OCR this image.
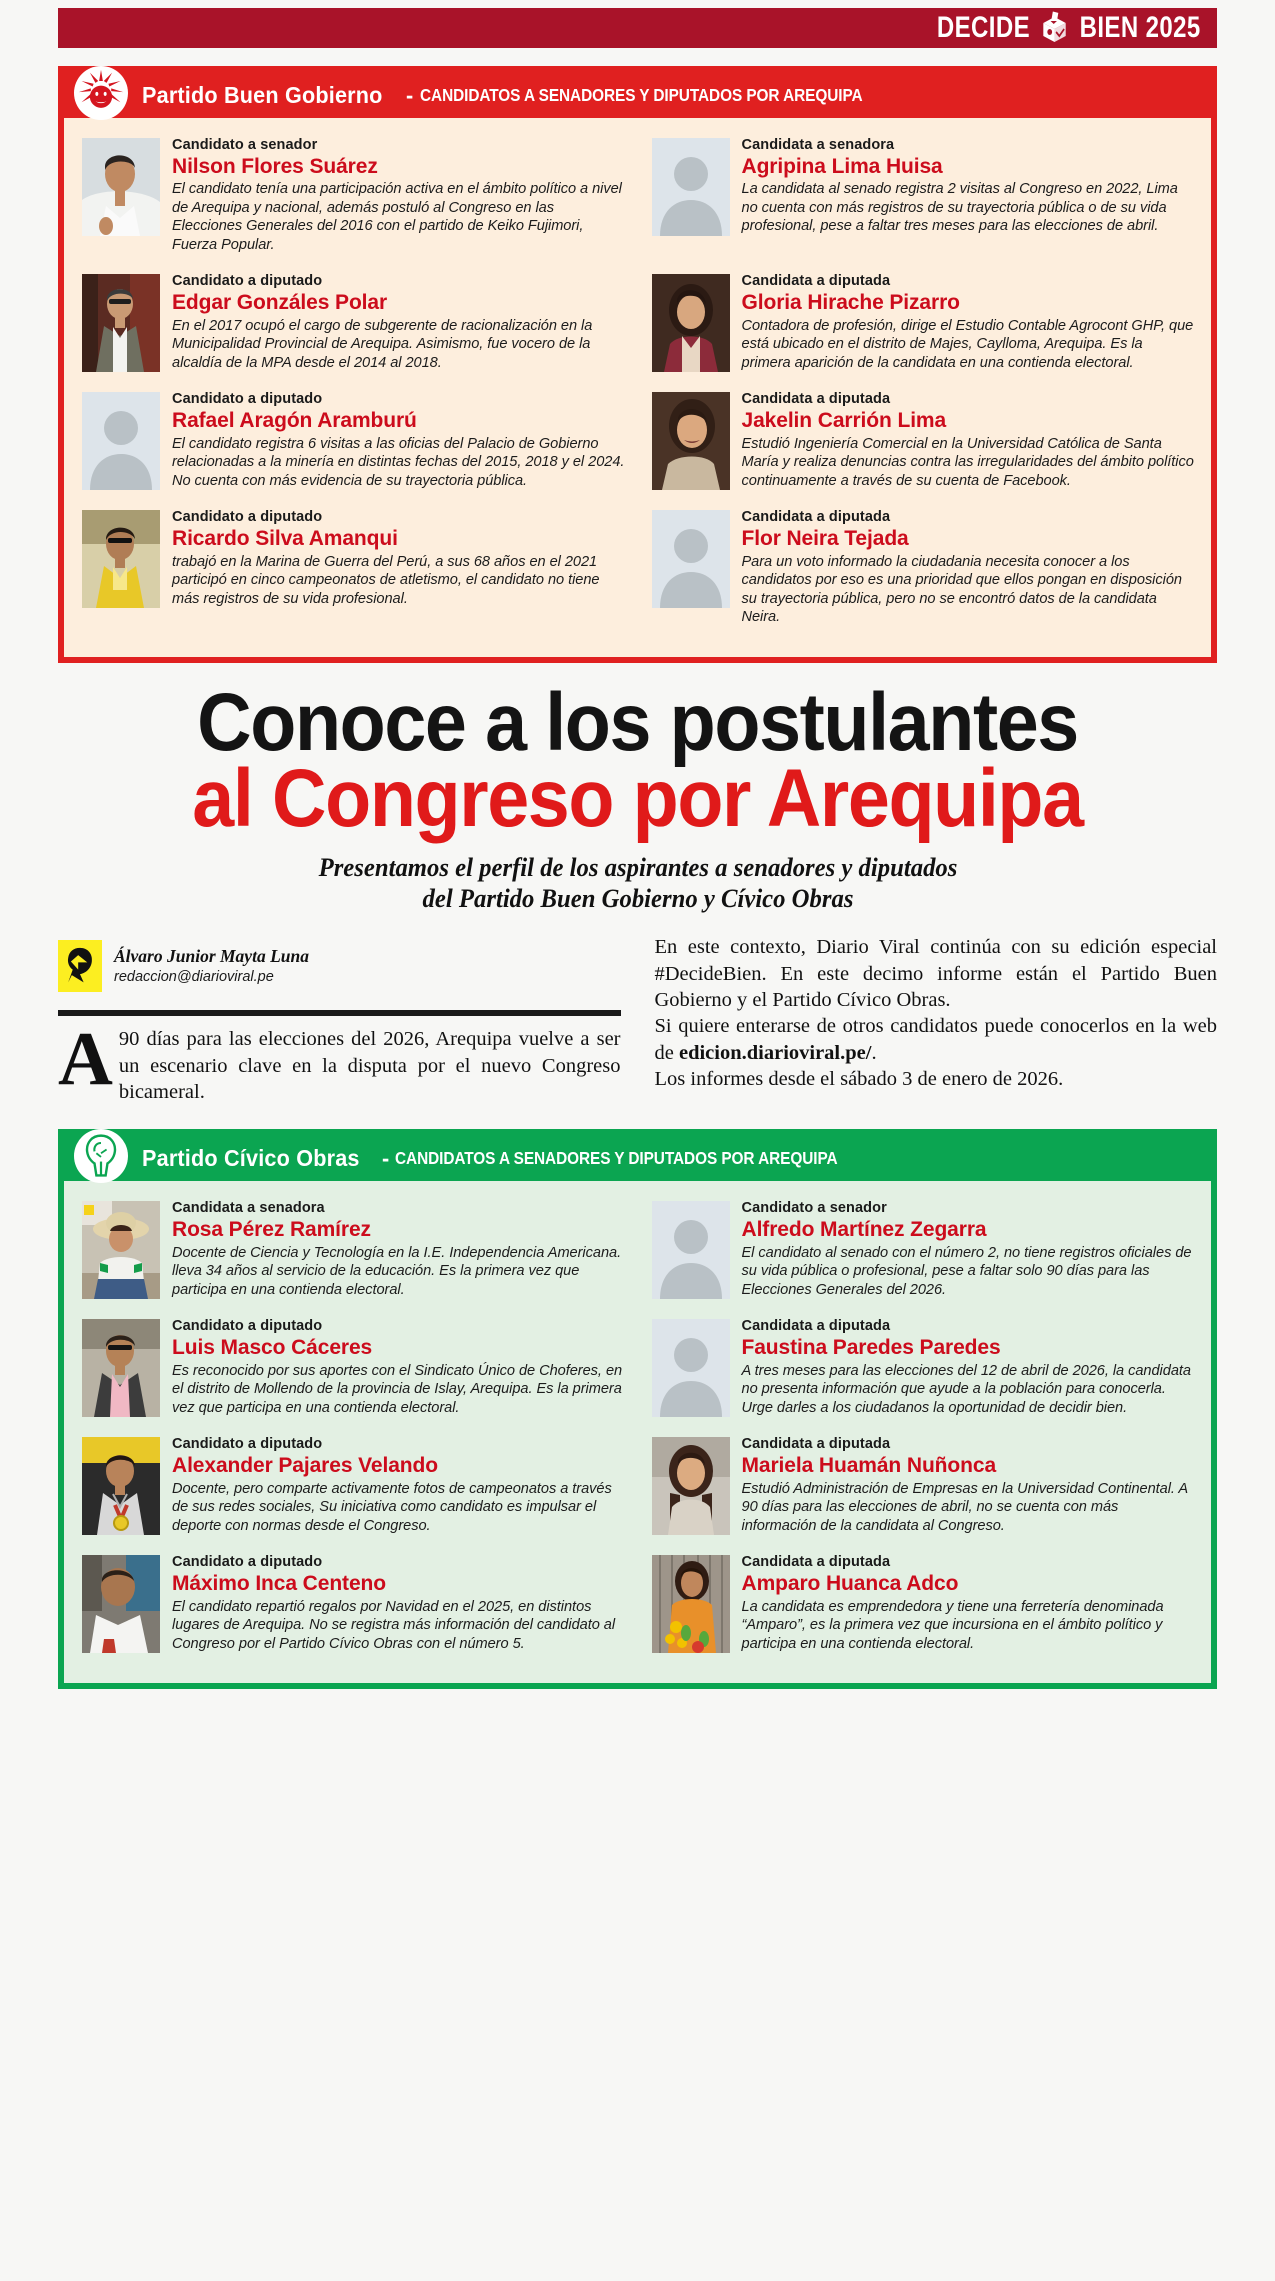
DECIDE BIEN 2025
Partido Buen Gobierno - CANDIDATOS A SENADORES Y DIPUTADOS POR AREQUIPA

Candidato a senador

Nilson Flores Suárez

El candidato tenía una participación activa en el ámbito político a nivel de Arequipa y nacional, además postuló al Congreso en las Elecciones Generales del 2016 con el partido de Keiko Fujimori, Fuerza Popular.

Candidata a senadora

Agripina Lima Huisa

La candidata al senado registra 2 visitas al Congreso en 2022, Lima no cuenta con más registros de su trayectoria pública o de su vida profesional, pese a faltar tres meses para las elecciones de abril.

Candidato a diputado

Edgar Gonzáles Polar

En el 2017 ocupó el cargo de subgerente de racionalización en la Municipalidad Provincial de Arequipa. Asimismo, fue vocero de la alcaldía de la MPA desde el 2014 al 2018.

Candidata a diputada

Gloria Hirache Pizarro

Contadora de profesión, dirige el Estudio Contable Agrocont GHP, que está ubicado en el distrito de Majes, Caylloma, Arequipa. Es la primera aparición de la candidata en una contienda electoral.

Candidato a diputado

Rafael Aragón Aramburú

El candidato registra 6 visitas a las oficias del Palacio de Gobierno relacionadas a la minería en distintas fechas del 2015, 2018 y el 2024. No cuenta con más evidencia de su trayectoria pública.

Candidata a diputada

Jakelin Carrión Lima

Estudió Ingeniería Comercial en la Universidad Católica de Santa María y realiza denuncias contra las irregularidades del ámbito político continuamente a través de su cuenta de Facebook.

Candidato a diputado

Ricardo Silva Amanqui

trabajó en la Marina de Guerra del Perú, a sus 68 años en el 2021 participó en cinco campeonatos de atletismo, el candidato no tiene más registros de su vida profesional.

Candidata a diputada

Flor Neira Tejada

Para un voto informado la ciudadania necesita conocer a los candidatos por eso es una prioridad que ellos pongan en disposición su trayectoria pública, pero no se encontró datos de la candidata Neira.

Conoce a los postulantes
al Congreso por Arequipa
Presentamos el perfil de los aspirantes a senadores y diputados
del Partido Buen Gobierno y Cívico Obras

Álvaro Junior Mayta Luna

redaccion@diarioviral.pe

A90 días para las elecciones del 2026, Arequipa vuelve a ser un escenario clave en la disputa por el nuevo Congreso bicameral.

En este contexto, Diario Viral continúa con su edición especial #DecideBien. En este decimo informe están el Partido Buen Gobierno y el Partido Cívico Obras.

Si quiere enterarse de otros candidatos puede conocerlos en la web de edicion.diarioviral.pe/.

Los informes desde el sábado 3 de enero de 2026.

Partido Cívico Obras - CANDIDATOS A SENADORES Y DIPUTADOS POR AREQUIPA

Candidata a senadora

Rosa Pérez Ramírez

Docente de Ciencia y Tecnología en la I.E. Independencia Americana. lleva 34 años al servicio de la educación. Es la primera vez que participa en una contienda electoral.

Candidato a senador

Alfredo Martínez Zegarra

El candidato al senado con el número 2, no tiene registros oficiales de su vida pública o profesional, pese a faltar solo 90 días para las Elecciones Generales del 2026.

Candidato a diputado

Luis Masco Cáceres

Es reconocido por sus aportes con el Sindicato Único de Choferes, en el distrito de Mollendo de la provincia de Islay, Arequipa. Es la primera vez que participa en una contienda electoral.

Candidata a diputada

Faustina Paredes Paredes

A tres meses para las elecciones del 12 de abril de 2026, la candidata no presenta información que ayude a la población para conocerla. Urge darles a los ciudadanos la oportunidad de decidir bien.

Candidato a diputado

Alexander Pajares Velando

Docente, pero comparte activamente fotos de campeonatos a través de sus redes sociales, Su iniciativa como candidato es impulsar el deporte con normas desde el Congreso.

Candidata a diputada

Mariela Huamán Nuñonca

Estudió Administración de Empresas en la Universidad Continental. A 90 días para las elecciones de abril, no se cuenta con más información de la candidata al Congreso.

Candidato a diputado

Máximo Inca Centeno

El candidato repartió regalos por Navidad en el 2025, en distintos lugares de Arequipa. No se registra más información del candidato al Congreso por el Partido Cívico Obras con el número 5.

Candidata a diputada

Amparo Huanca Adco

La candidata es emprendedora y tiene una ferretería denominada “Amparo”, es la primera vez que incursiona en el ámbito político y participa en una contienda electoral.
